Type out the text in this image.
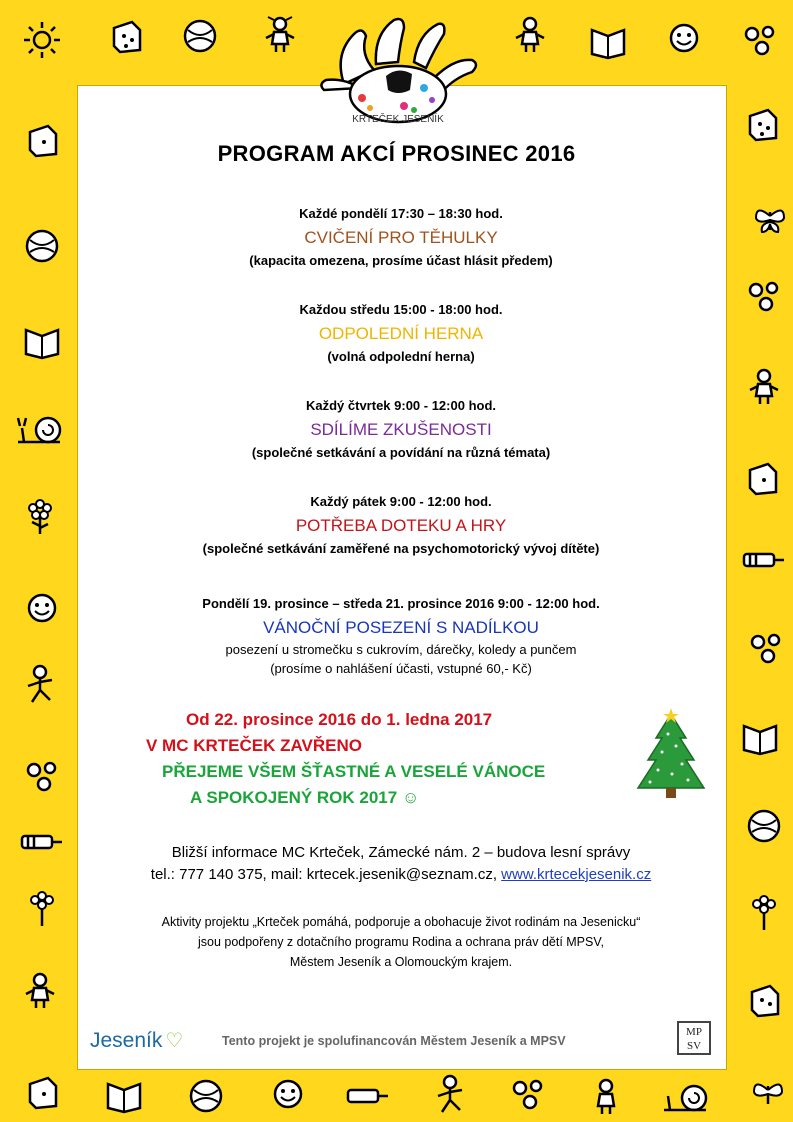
KRTEČEK JESENÍK
PROGRAM AKCÍ PROSINEC 2016
Každé pondělí 17:30 – 18:30 hod.
CVIČENÍ PRO TĚHULKY
(kapacita omezena, prosíme účast hlásit předem)
Každou středu 15:00 - 18:00 hod.
ODPOLEDNÍ HERNA
(volná odpolední herna)
Každý čtvrtek 9:00 - 12:00 hod.
SDÍLÍME ZKUŠENOSTI
(společné setkávání a povídání na různá témata)
Každý pátek 9:00 - 12:00 hod.
POTŘEBA DOTEKU A HRY
(společné setkávání zaměřené na psychomotorický vývoj dítěte)
Pondělí 19. prosince – středa 21. prosince 2016 9:00 - 12:00 hod.
VÁNOČNÍ POSEZENÍ S NADÍLKOU
posezení u stromečku s cukrovím, dárečky, koledy a punčem
(prosíme o nahlášení účasti, vstupné 60,- Kč)
Od 22. prosince 2016 do 1. ledna 2017
V MC KRTEČEK ZAVŘENO
PŘEJEME VŠEM ŠŤASTNÉ A VESELÉ VÁNOCE
A SPOKOJENÝ ROK 2017 ☺
Bližší informace MC Krteček, Zámecké nám. 2 – budova lesní správy
tel.: 777 140 375, mail: krtecek.jesenik@seznam.cz, www.krtecekjesenik.cz
Aktivity projektu „Krteček pomáhá, podporuje a obohacuje život rodinám na Jesenicku“
jsou podpořeny z dotačního programu Rodina a ochrana práv dětí MPSV,
Městem Jeseník a Olomouckým krajem.
Jeseník ♡	Tento projekt je spolufinancován Městem Jeseník a MPSV
MP
SV
